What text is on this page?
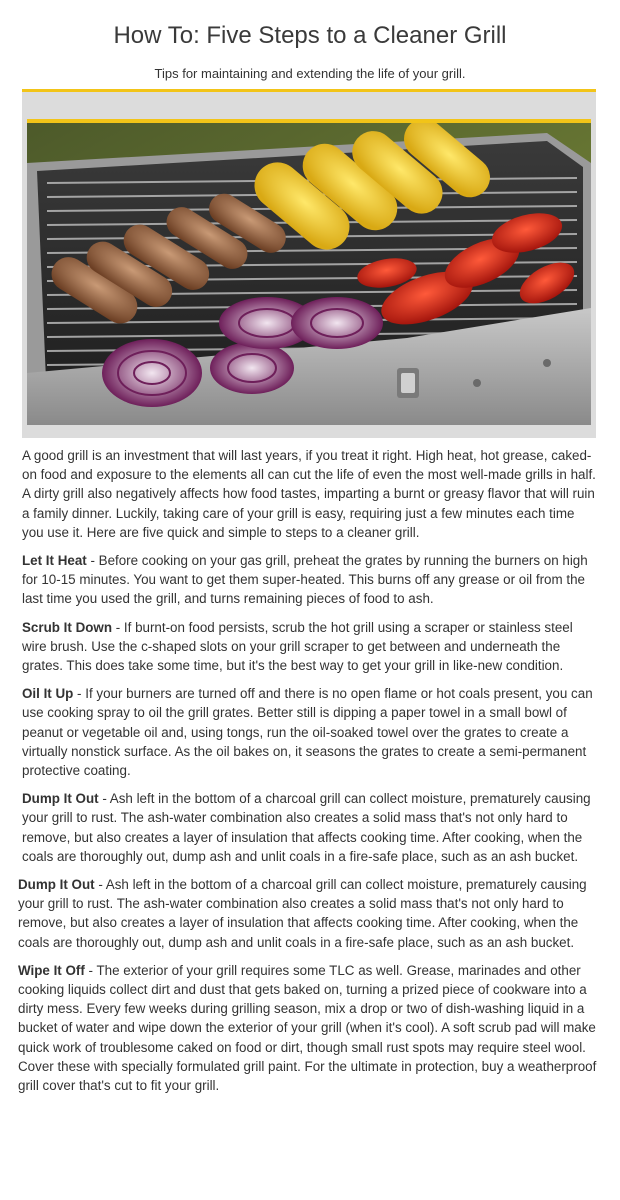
How To: Five Steps to a Cleaner Grill
Tips for maintaining and extending the life of your grill.

A good grill is an investment that will last years, if you treat it right. High heat, hot grease, caked-on food and exposure to the elements all can cut the life of even the most well-made grills in half. A dirty grill also negatively affects how food tastes, imparting a burnt or greasy flavor that will ruin a family dinner. Luckily, taking care of your grill is easy, requiring just a few minutes each time you use it. Here are five quick and simple to steps to a cleaner grill.

Let It Heat - Before cooking on your gas grill, preheat the grates by running the burners on high for 10-15 minutes. You want to get them super-heated. This burns off any grease or oil from the last time you used the grill, and turns remaining pieces of food to ash.

Scrub It Down - If burnt-on food persists, scrub the hot grill using a scraper or stainless steel wire brush. Use the c-shaped slots on your grill scraper to get between and underneath the grates. This does take some time, but it's the best way to get your grill in like-new condition.

Oil It Up - If your burners are turned off and there is no open flame or hot coals present, you can use cooking spray to oil the grill grates. Better still is dipping a paper towel in a small bowl of peanut or vegetable oil and, using tongs, run the oil-soaked towel over the grates to create a virtually nonstick surface. As the oil bakes on, it seasons the grates to create a semi-permanent protective coating.

Dump It Out - Ash left in the bottom of a charcoal grill can collect moisture, prematurely causing your grill to rust. The ash-water combination also creates a solid mass that's not only hard to remove, but also creates a layer of insulation that affects cooking time. After cooking, when the coals are thoroughly out, dump ash and unlit coals in a fire-safe place, such as an ash bucket.

Dump It Out - Ash left in the bottom of a charcoal grill can collect moisture, prematurely causing your grill to rust. The ash-water combination also creates a solid mass that's not only hard to remove, but also creates a layer of insulation that affects cooking time. After cooking, when the coals are thoroughly out, dump ash and unlit coals in a fire-safe place, such as an ash bucket.

Wipe It Off - The exterior of your grill requires some TLC as well. Grease, marinades and other cooking liquids collect dirt and dust that gets baked on, turning a prized piece of cookware into a dirty mess. Every few weeks during grilling season, mix a drop or two of dish-washing liquid in a bucket of water and wipe down the exterior of your grill (when it's cool). A soft scrub pad will make quick work of troublesome caked on food or dirt, though small rust spots may require steel wool. Cover these with specially formulated grill paint. For the ultimate in protection, buy a weatherproof grill cover that's cut to fit your grill.
